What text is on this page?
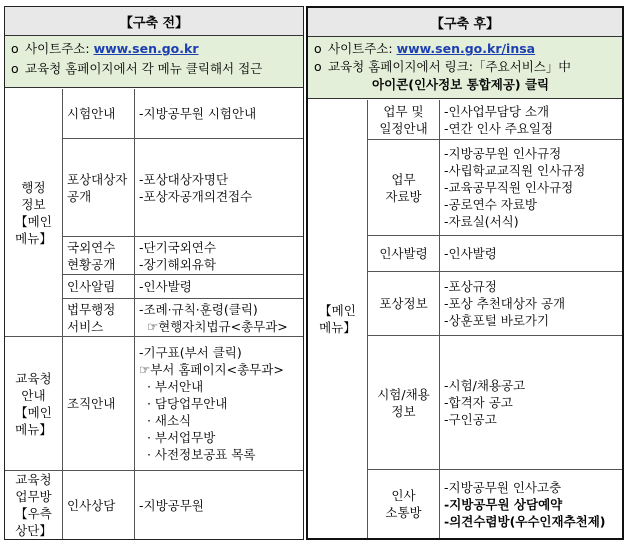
【구축 전】
o 사이트주소: www.sen.go.kr
o 교육청 홈페이지에서 각 메뉴 클릭해서 접근
행정
정보
【메인
메뉴】
시험안내 -지방공무원 시험안내
포상대상자
공개
-포상대상자명단
-포상자공개의견접수
국외연수
현황공개
-단기국외연수
-장기해외유학
인사알림 -인사발령
법무행정
서비스
-조례·규칙·훈령(클릭)
☞현행자치법규<총무과>
교육청
안내
【메인
메뉴】
조직안내
-기구표(부서 클릭)
☞부서 홈페이지<총무과>
· 부서안내
· 담당업무안내
· 새소식
· 부서업무방
· 사전정보공표 목록
교육청
업무방
【우측
상단】
인사상담 -지방공무원
【구축 후】
o 사이트주소: www.sen.go.kr/insa
o 교육청 홈페이지에서 링크:「주요서비스」中
아이콘(인사정보 통합제공) 클릭
【메인
메뉴】
업무 및
일정안내
-인사업무담당 소개
-연간 인사 주요일정
업무
자료방
-지방공무원 인사규정
-사립학교교직원 인사규정
-교육공무직원 인사규정
-공로연수 자료방
-자료실(서식)
인사발령 -인사발령
포상정보
-포상규정
-포상 추천대상자 공개
-상훈포털 바로가기
시험/채용
정보
-시험/채용공고
-합격자 공고
-구인공고
인사
소통방
-지방공무원 인사고충
-지방공무원 상담예약
-의견수렴방(우수인재추천제)
